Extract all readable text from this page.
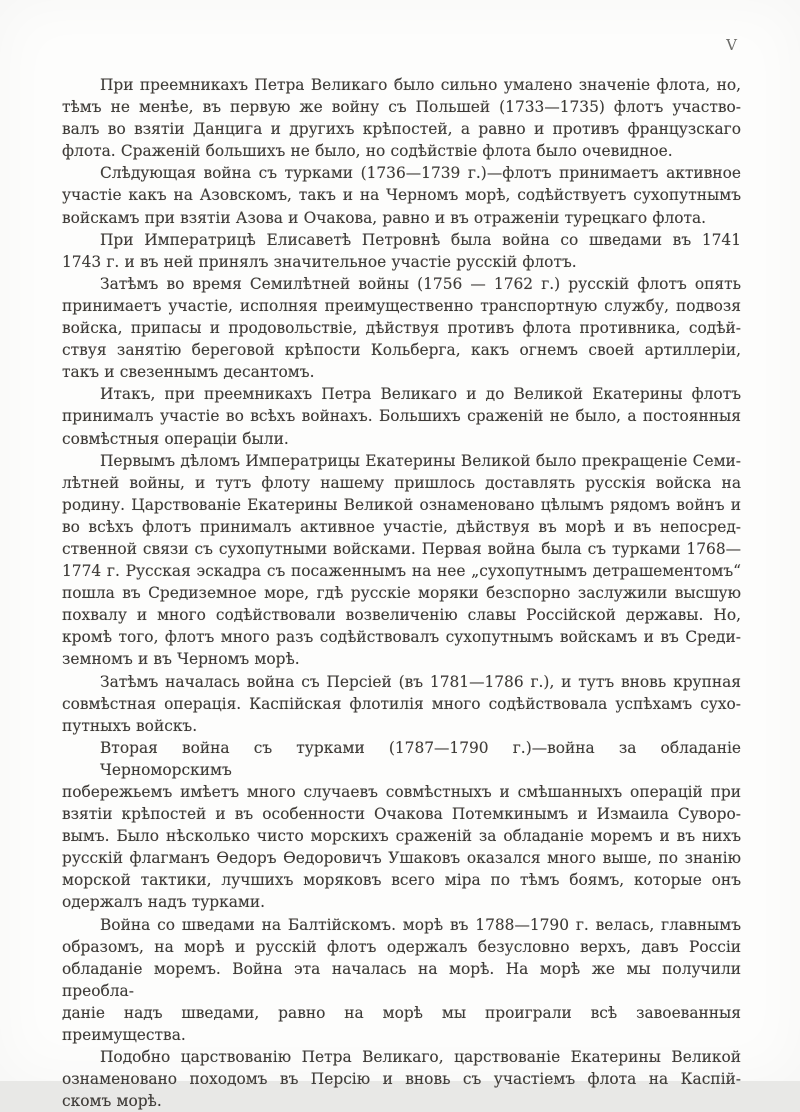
V

При преемникахъ Петра Великаго было сильно умалено значеніе флота, но,
тѣмъ не менѣе, въ первую же войну съ Польшей (1733—1735) флотъ участво-
валъ во взятіи Данцига и другихъ крѣпостей, а равно и противъ французскаго
флота. Сраженій большихъ не было, но содѣйствіе флота было очевидное.

Слѣдующая война съ турками (1736—1739 г.)—флотъ принимаетъ активное
участіе какъ на Азовскомъ, такъ и на Черномъ морѣ, содѣйствуетъ сухопутнымъ
войскамъ при взятіи Азова и Очакова, равно и въ отраженіи турецкаго флота.

При Императрицѣ Елисаветѣ Петровнѣ была война со шведами въ 1741
1743 г. и въ ней принялъ значительное участіе русскій флотъ.

Затѣмъ во время Семилѣтней войны (1756 — 1762 г.) русскій флотъ опять
принимаетъ участіе, исполняя преимущественно транспортную службу, подвозя
войска, припасы и продовольствіе, дѣйствуя противъ флота противника, содѣй-
ствуя занятію береговой крѣпости Кольберга, какъ огнемъ своей артиллеріи,
такъ и свезеннымъ десантомъ.

Итакъ, при преемникахъ Петра Великаго и до Великой Екатерины флотъ
принималъ участіе во всѣхъ войнахъ. Большихъ сраженій не было, а постоянныя
совмѣстныя операціи были.

Первымъ дѣломъ Императрицы Екатерины Великой было прекращеніе Семи-
лѣтней войны, и тутъ флоту нашему пришлось доставлять русскія войска на
родину. Царствованіе Екатерины Великой ознаменовано цѣлымъ рядомъ войнъ и
во всѣхъ флотъ принималъ активное участіе, дѣйствуя въ морѣ и въ непосред-
ственной связи съ сухопутными войсками. Первая война была съ турками 1768—
1774 г. Русская эскадра съ посаженнымъ на нее „сухопутнымъ детрашементомъ“
пошла въ Средиземное море, гдѣ русскіе моряки безспорно заслужили высшую
похвалу и много содѣйствовали возвеличенію славы Россійской державы. Но,
кромѣ того, флотъ много разъ содѣйствовалъ сухопутнымъ войскамъ и въ Среди-
земномъ и въ Черномъ морѣ.

Затѣмъ началась война съ Персіей (въ 1781—1786 г.), и тутъ вновь крупная
совмѣстная операція. Каспійская флотилія много содѣйствовала успѣхамъ сухо-
путныхъ войскъ.

Вторая война съ турками (1787—1790 г.)—война за обладаніе Черноморскимъ
побережьемъ имѣетъ много случаевъ совмѣстныхъ и смѣшанныхъ операцій при
взятіи крѣпостей и въ особенности Очакова Потемкинымъ и Измаила Суворо-
вымъ. Было нѣсколько чисто морскихъ сраженій за обладаніе моремъ и въ нихъ
русскій флагманъ Ѳедоръ Ѳедоровичъ Ушаковъ оказался много выше, по знанію
морской тактики, лучшихъ моряковъ всего міра по тѣмъ боямъ, которые онъ
одержалъ надъ турками.

Война со шведами на Балтійскомъ. морѣ въ 1788—1790 г. велась, главнымъ
образомъ, на морѣ и русскій флотъ одержалъ безусловно верхъ, давъ Россіи
обладаніе моремъ. Война эта началась на морѣ. На морѣ же мы получили преобла-
даніе надъ шведами, равно на морѣ мы проиграли всѣ завоеванныя преимущества.

Подобно царствованію Петра Великаго, царствованіе Екатерины Великой
ознаменовано походомъ въ Персію и вновь съ участіемъ флота на Каспій-
скомъ морѣ.
